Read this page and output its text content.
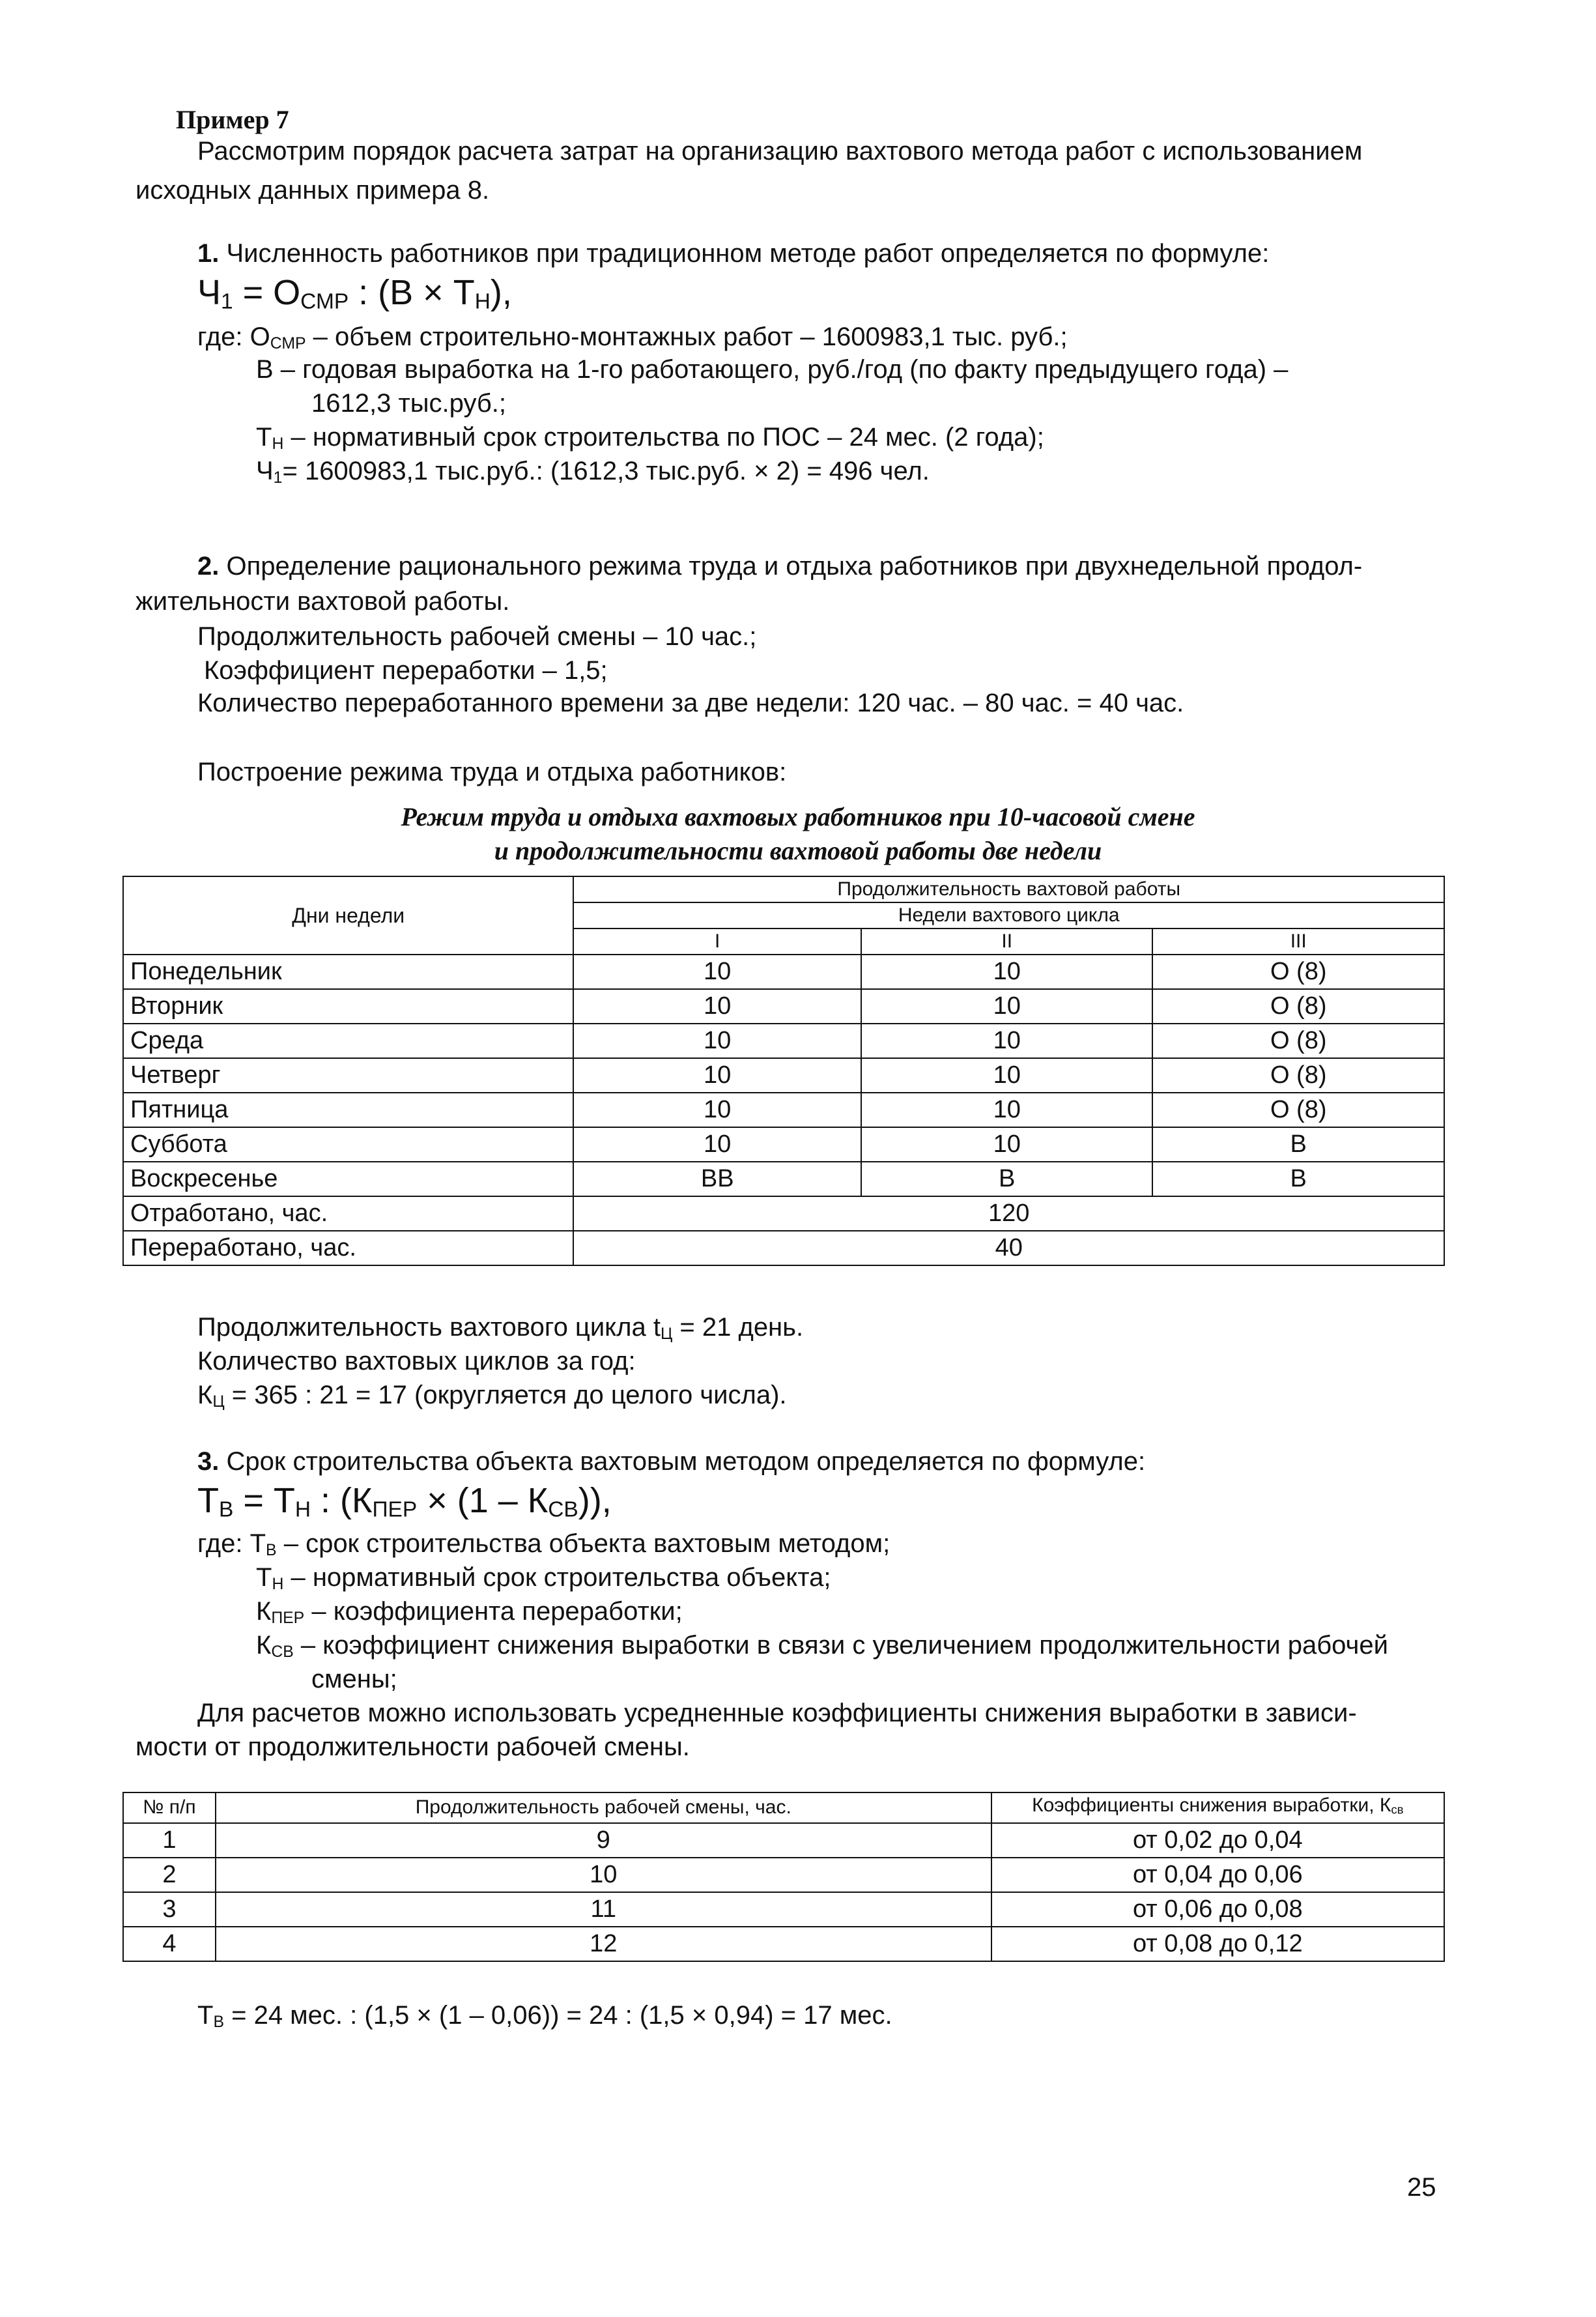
Пример 7
Рассмотрим порядок расчета затрат на организацию вахтового метода работ с использованием
исходных данных примера 8.
1. Численность работников при традиционном методе работ определяется по формуле:
$Ч_1 = О_{СМР}$ : $(В \times Т_Н)$,
где: ОСМР – объем строительно-монтажных работ – 1600983,1 тыс. руб.;
В – годовая выработка на 1-го работающего, руб./год (по факту предыдущего года) –
1612,3 тыс.руб.;
ТН – нормативный срок строительства по ПОС – 24 мес. (2 года);
Ч1= 1600983,1 тыс.руб.: (1612,3 тыс.руб. × 2) = 496 чел.
2. Определение рационального режима труда и отдыха работников при двухнедельной продол-
жительности вахтовой работы.
Продолжительность рабочей смены – 10 час.;
Коэффициент переработки – 1,5;
Количество переработанного времени за две недели: 120 час. – 80 час. = 40 час.
Построение режима труда и отдыха работников:
Режим труда и отдыха вахтовых работников при 10-часовой смене
и продолжительности вахтовой работы две недели
Дни недели	Продолжительность вахтовой работы		
	Недели вахтового цикла		
	I	II	III
Понедельник	10	10	О (8)
Вторник	10	10	О (8)
Среда	10	10	О (8)
Четверг	10	10	О (8)
Пятница	10	10	О (8)
Суббота	10	10	В
Воскресенье	ВВ	В	В
Отработано, час.	120		
Переработано, час.	40		
Продолжительность вахтового цикла tЦ = 21 день.
Количество вахтовых циклов за год:
КЦ = 365 : 21 = 17 (округляется до целого числа).
3. Срок строительства объекта вахтовым методом определяется по формуле:
$Т_В = Т_Н$ : $(К_{ПЕР} \times (1 - К_{СВ}))$,
где: ТВ – срок строительства объекта вахтовым методом;
ТН – нормативный срок строительства объекта;
КПЕР – коэффициента переработки;
КСВ – коэффициент снижения выработки в связи с увеличением продолжительности рабочей
смены;
Для расчетов можно использовать усредненные коэффициенты снижения выработки в зависи-
мости от продолжительности рабочей смены.
№ п/п	Продолжительность рабочей смены, час.	Коэффициенты снижения выработки, Ксв
1	9	от 0,02 до 0,04
2	10	от 0,04 до 0,06
3	11	от 0,06 до 0,08
4	12	от 0,08 до 0,12
ТВ = 24 мес. : (1,5 × (1 – 0,06)) = 24 : (1,5 × 0,94) = 17 мес.
25
